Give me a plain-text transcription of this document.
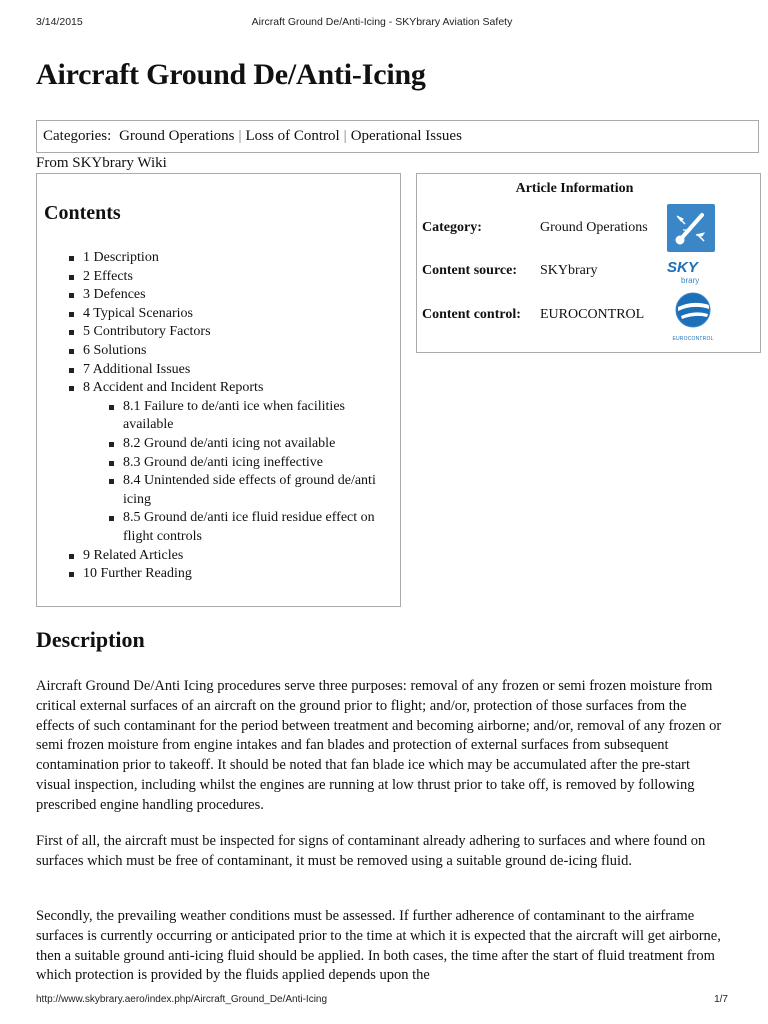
3/14/2015	Aircraft Ground De/Anti-Icing - SKYbrary Aviation Safety
Aircraft Ground De/Anti-Icing
Categories: Ground Operations | Loss of Control | Operational Issues
From SKYbrary Wiki
Contents
1 Description
2 Effects
3 Defences
4 Typical Scenarios
5 Contributory Factors
6 Solutions
7 Additional Issues
8 Accident and Incident Reports
8.1 Failure to de/anti ice when facilities available
8.2 Ground de/anti icing not available
8.3 Ground de/anti icing ineffective
8.4 Unintended side effects of ground de/anti icing
8.5 Ground de/anti ice fluid residue effect on flight controls
9 Related Articles
10 Further Reading
Article Information
Category:	Ground Operations
Content source: SKYbrary	SKY
brary
Content control: EUROCONTROL
EUROCONTROL
Description

Aircraft Ground De/Anti Icing procedures serve three purposes: removal of any frozen or semi frozen moisture from critical external surfaces of an aircraft on the ground prior to flight; and/or, protection of those surfaces from the effects of such contaminant for the period between treatment and becoming airborne; and/or, removal of any frozen or semi frozen moisture from engine intakes and fan blades and protection of external surfaces from subsequent contamination prior to takeoff. It should be noted that fan blade ice which may be accumulated after the pre-start visual inspection, including whilst the engines are running at low thrust prior to take off, is removed by following prescribed engine handling procedures.

First of all, the aircraft must be inspected for signs of contaminant already adhering to surfaces and where found on surfaces which must be free of contaminant, it must be removed using a suitable ground de-icing fluid.

Secondly, the prevailing weather conditions must be assessed. If further adherence of contaminant to the airframe surfaces is currently occurring or anticipated prior to the time at which it is expected that the aircraft will get airborne, then a suitable ground anti-icing fluid should be applied. In both cases, the time after the start of fluid treatment from which protection is provided by the fluids applied depends upon the

http://www.skybrary.aero/index.php/Aircraft_Ground_De/Anti-Icing	1/7
